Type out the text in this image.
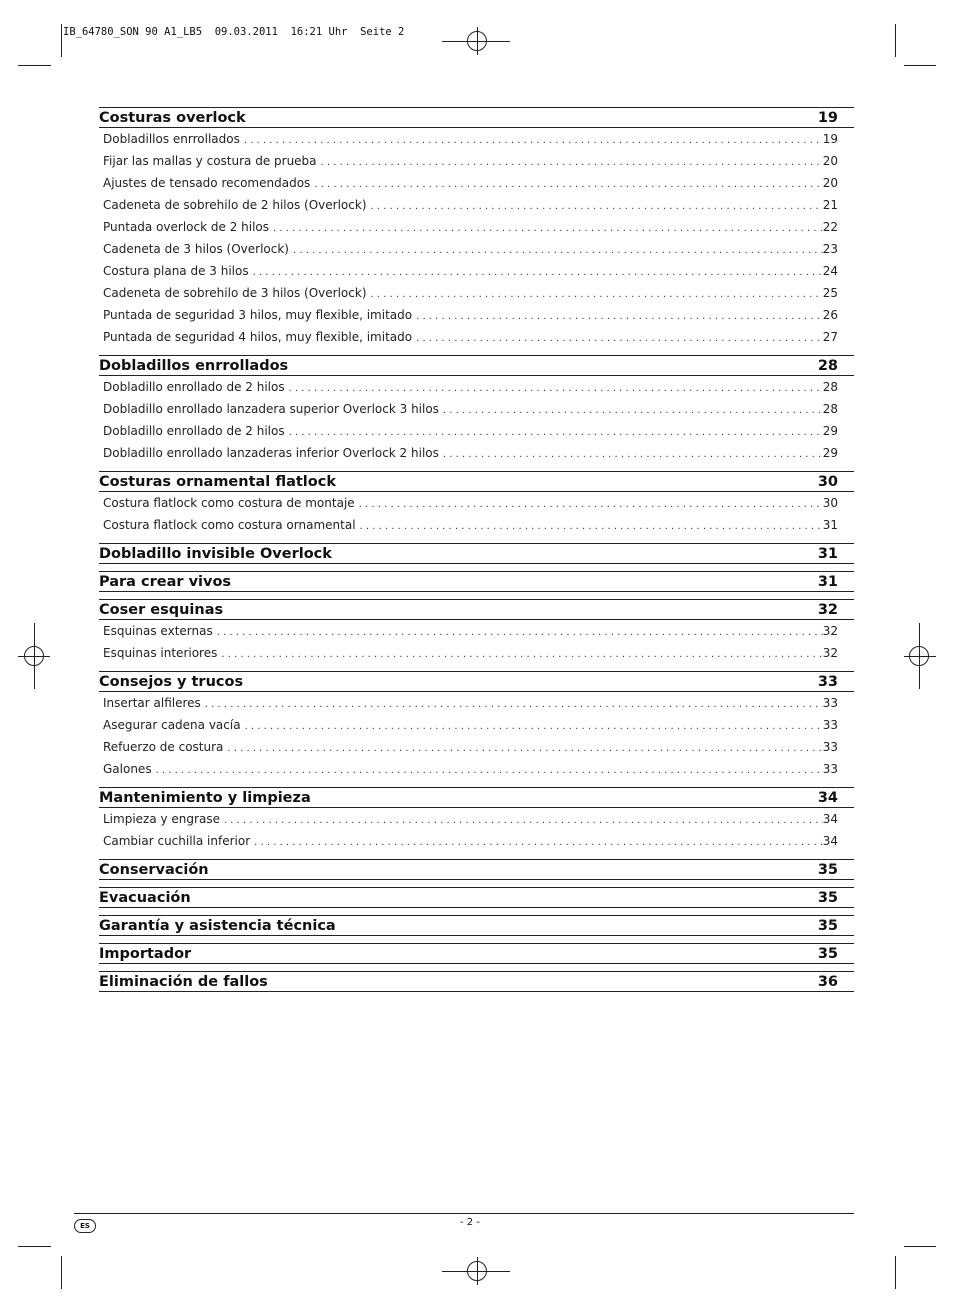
IB_64780_SON 90 A1_LB5  09.03.2011  16:21 Uhr  Seite 2
Costuras overlock	19
Dobladillos enrrollados . . .	19
Fijar las mallas y costura de prueba . . .	20
Ajustes de tensado recomendados . . .	20
Cadeneta de sobrehilo de 2 hilos (Overlock) . . .	21
Puntada overlock de 2 hilos . . .	22
Cadeneta de 3 hilos (Overlock) . . .	23
Costura plana de 3 hilos . . .	24
Cadeneta de sobrehilo de 3 hilos (Overlock) . . .	25
Puntada de seguridad 3 hilos, muy flexible, imitado . . .	26
Puntada de seguridad 4 hilos, muy flexible, imitado . . .	27
Dobladillos enrrollados	28
Dobladillo enrollado de 2 hilos . . .	28
Dobladillo enrollado lanzadera superior Overlock 3 hilos . . .	28
Dobladillo enrollado de 2 hilos . . .	29
Dobladillo enrollado lanzaderas inferior Overlock 2 hilos . . .	29
Costuras ornamental flatlock	30
Costura flatlock como costura de montaje . . .	30
Costura flatlock como costura ornamental . . .	31
Dobladillo invisible Overlock	31
Para crear vivos	31
Coser esquinas	32
Esquinas externas . . .	32
Esquinas interiores . . .	32
Consejos y trucos	33
Insertar alfileres . . .	33
Asegurar cadena vacía . . .	33
Refuerzo de costura . . .	33
Galones . . .	33
Mantenimiento y limpieza	34
Limpieza y engrase . . .	34
Cambiar cuchilla inferior . . .	34
Conservación	35
Evacuación	35
Garantía y asistencia técnica	35
Importador	35
Eliminación de fallos	36
ES	- 2 -
